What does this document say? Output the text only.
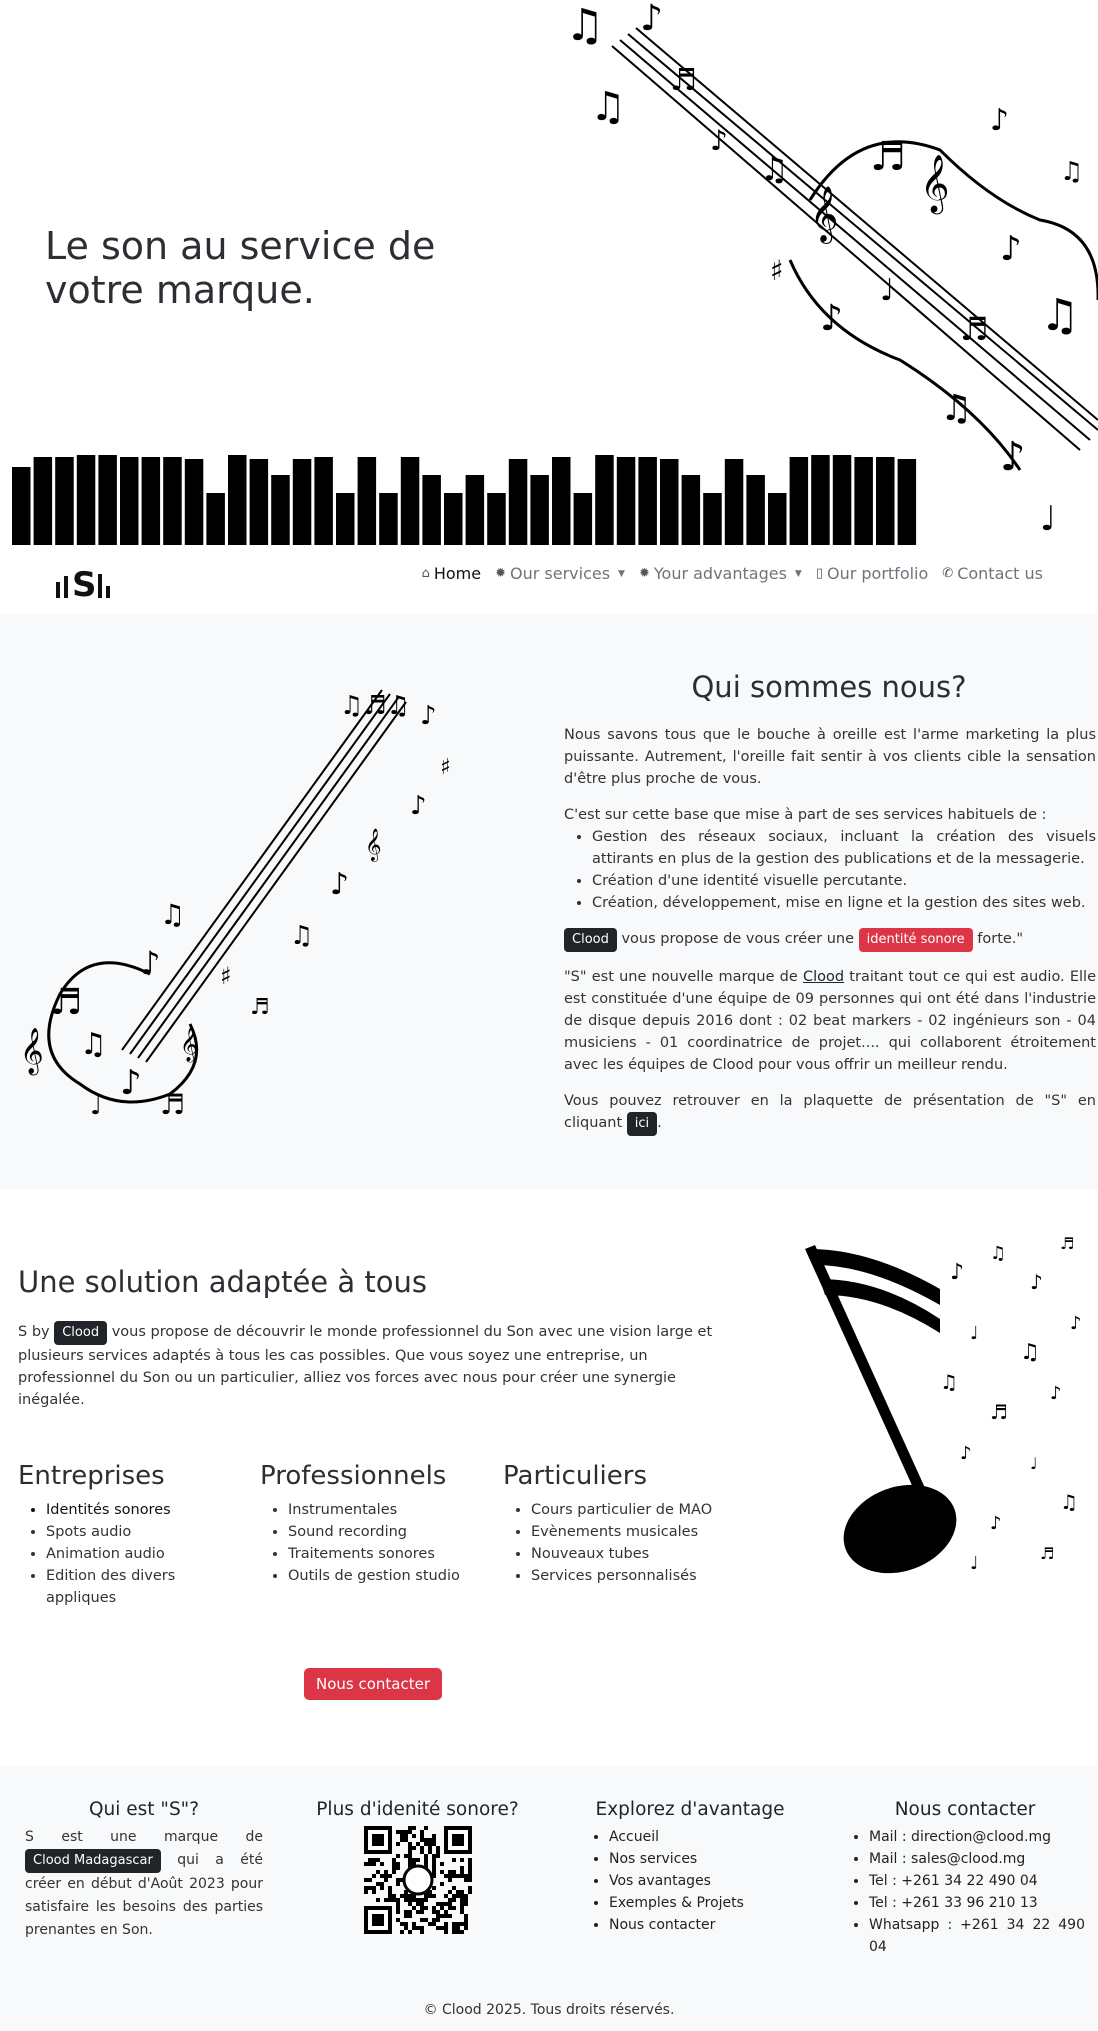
Le son au service de votre marque.
♫ ♪
♫
♬
♪
♫
𝄞
♬ 𝄞
♪
♫
♩
♪	♬
♫
♪
♩
♯
♪
♫
S	⌂ Home ✹ Our services ▼ ✹ Your advantages ▼ ▯ Our portfolio ✆ Contact us
♫♬♫ ♪
♯
♪
𝄞
♪
♫
♬
♫
♪
♬
𝄞 ♫
♪
𝄞
♬
♩
♯
Qui sommes nous?

Nous savons tous que le bouche à oreille est l'arme marketing la plus puissante. Autrement, l'oreille fait sentir à vos clients cible la sensation d'être plus proche de vous.

C'est sur cette base que mise à part de ses services habituels de :
• Gestion des réseaux sociaux, incluant la création des visuels attirants en plus de la gestion des publications et de la messagerie.
• Création d'une identité visuelle percutante.
• Création, développement, mise en ligne et la gestion des sites web.

Clood vous propose de vous créer une identité sonore forte."

"S" est une nouvelle marque de Clood traitant tout ce qui est audio. Elle est constituée d'une équipe de 09 personnes qui ont été dans l'industrie de disque depuis 2016 dont : 02 beat markers - 02 ingénieurs son - 04 musiciens - 01 coordinatrice de projet.... qui collaborent étroitement avec les équipes de Clood pour vous offrir un meilleur rendu.

Vous pouvez retrouver en la plaquette de présentation de "S" en cliquant ici .

Une solution adaptée à tous

S by Clood vous propose de découvrir le monde professionnel du Son avec une vision large et plusieurs services adaptés à tous les cas possibles. Que vous soyez une entreprise, un professionnel du Son ou un particulier, alliez vos forces avec nous pour créer une synergie inégalée.

Entreprises
• Identités sonores
• Spots audio
• Animation audio
• Edition des divers appliques
Professionnels
• Instrumentales
• Sound recording
• Traitements sonores
• Outils de gestion studio
Particuliers
• Cours particulier de MAO
• Evènements musicales
• Nouveaux tubes
• Services personnalisés
Nous contacter
♪
♫
♪
♬
♩
♫
♪
♬
♪	♩
♫
♪
♬
♩
♫
♪
Qui est "S"?
S est une marque de Clood Madagascar qui a été créer en début d'Août 2023 pour satisfaire les besoins des parties prenantes en Son.
Plus d'idenité sonore?	Explorez d'avantage
• Accueil
• Nos services
• Vos avantages
• Exemples & Projets
• Nous contacter
Nous contacter
• Mail : direction@clood.mg
• Mail : sales@clood.mg
• Tel : +261 34 22 490 04
• Tel : +261 33 96 210 13
• Whatsapp : +261 34 22 490 04
© Clood 2025. Tous droits réservés.
